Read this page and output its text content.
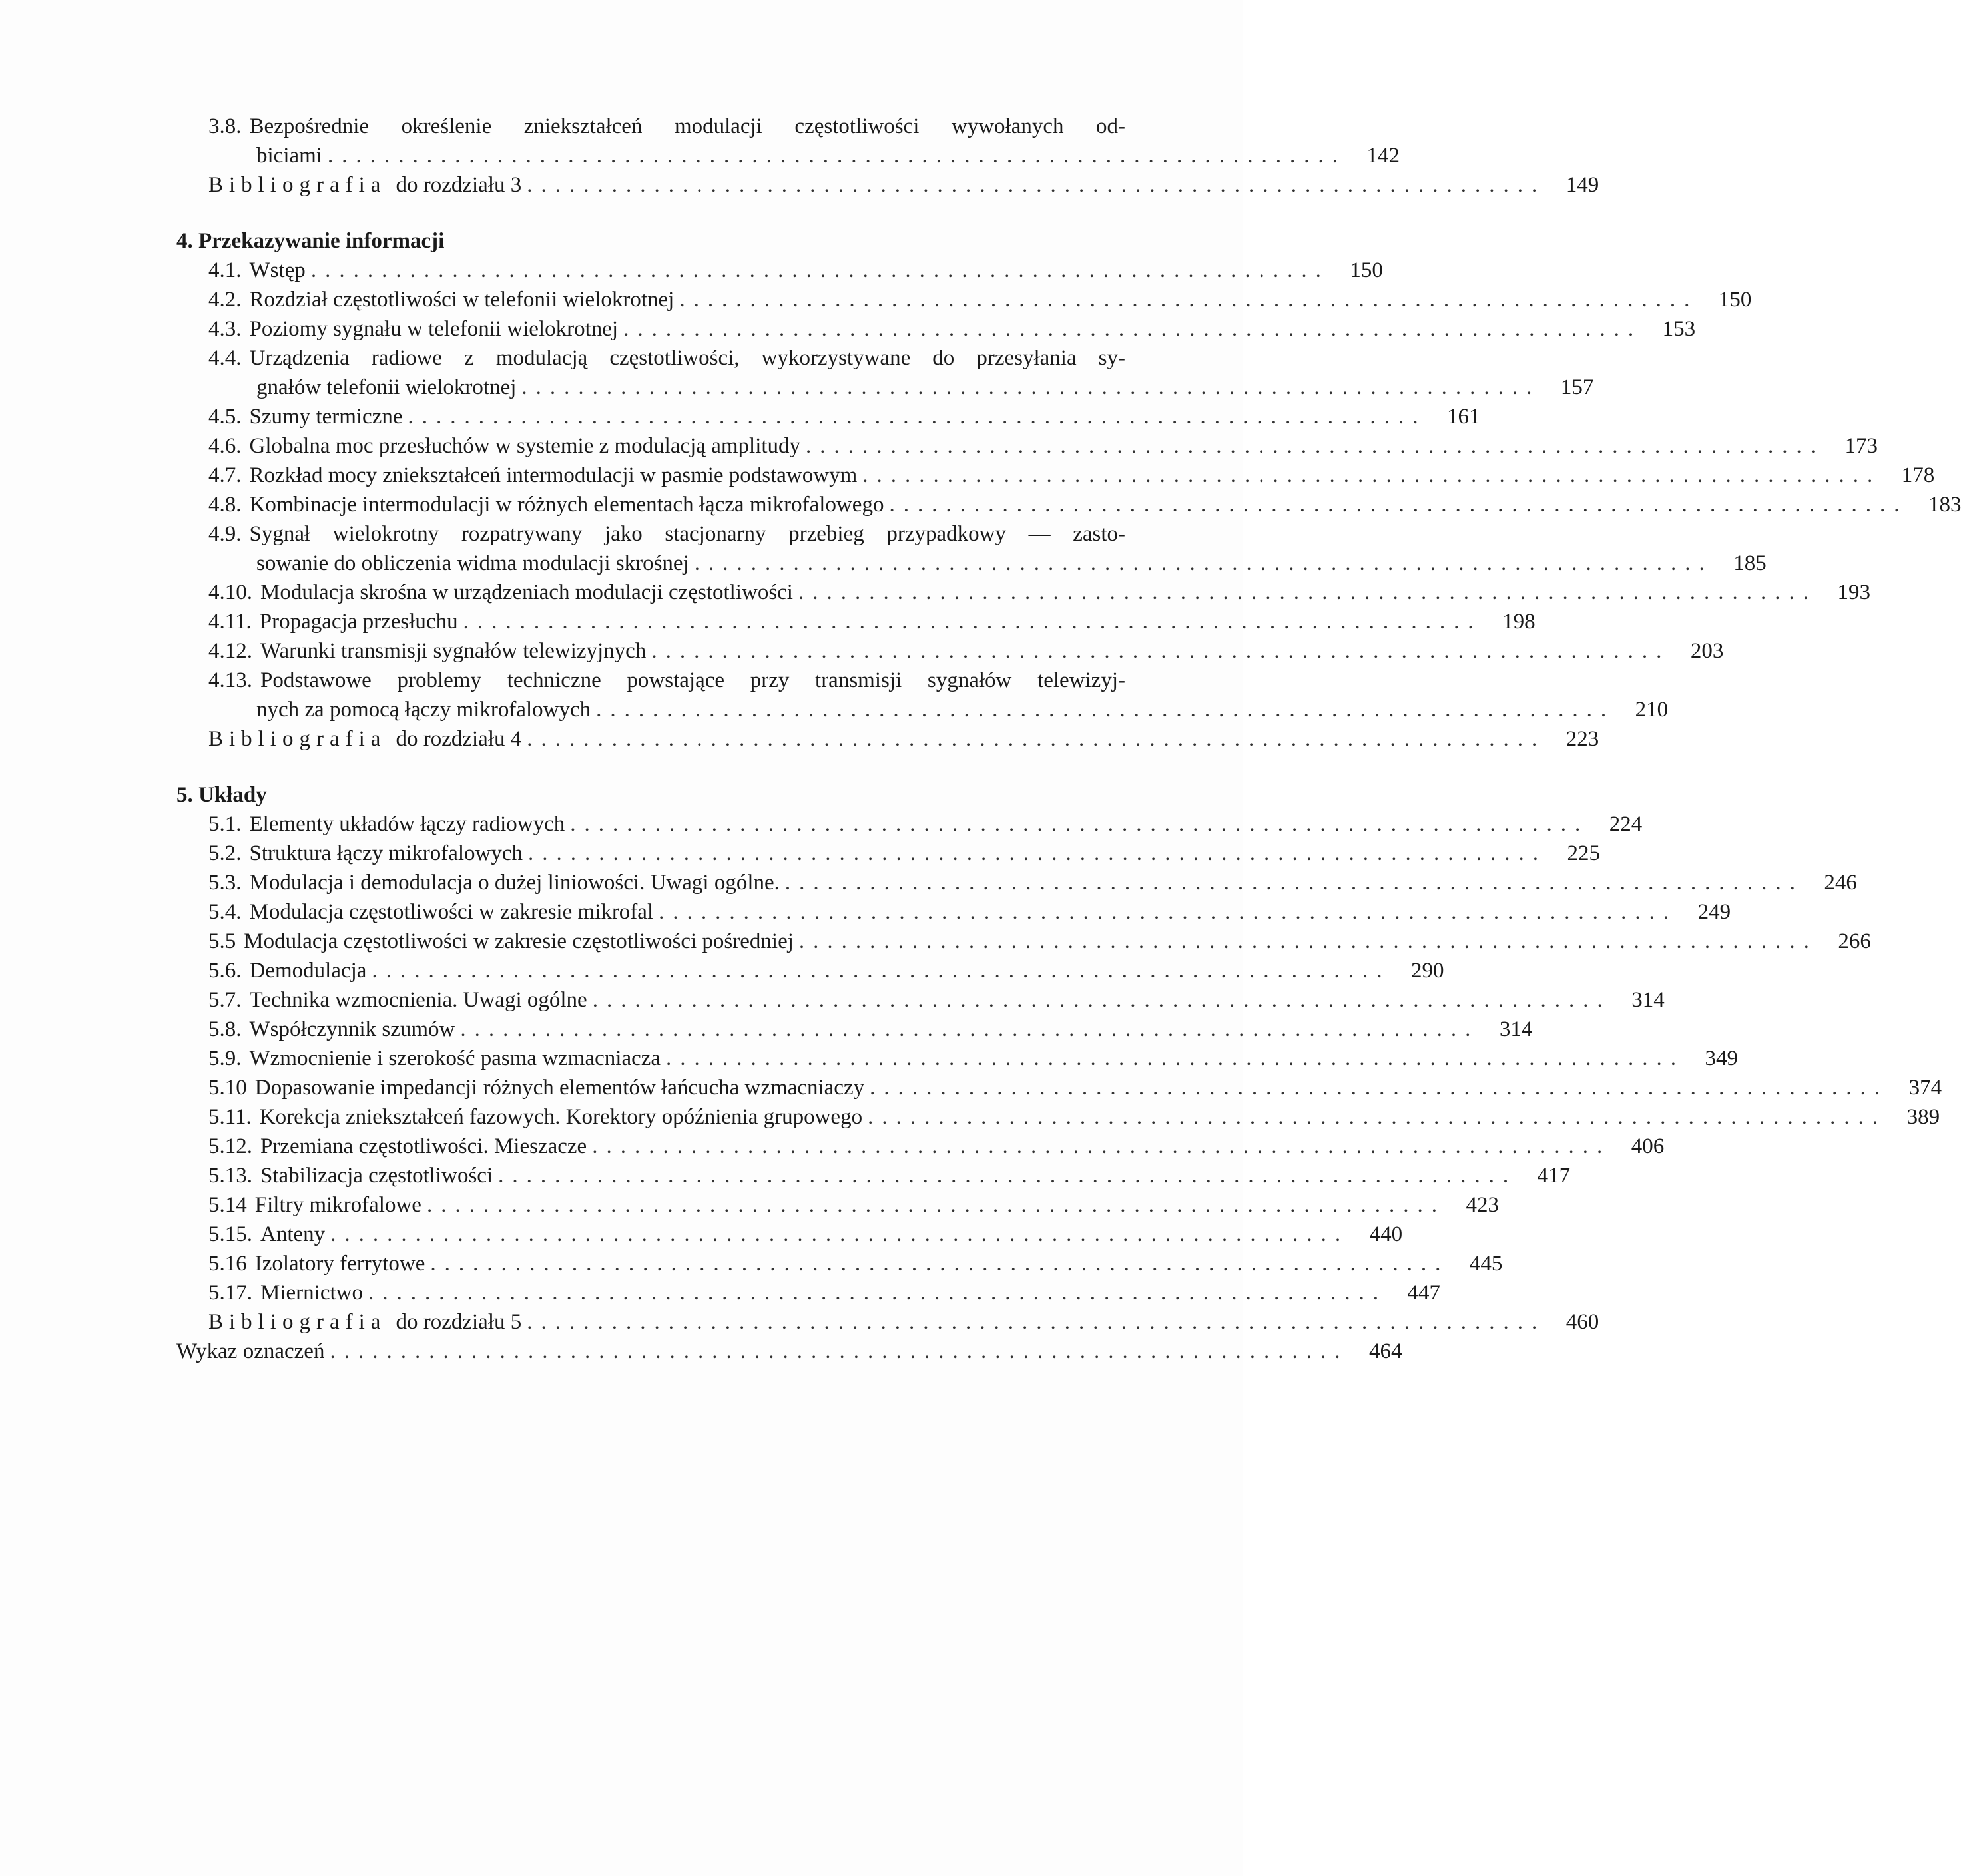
3.8. Bezpośrednie określenie zniekształceń modulacji częstotliwości wywołanych od-
biciami ........................................................................ 142
Bibliografia do rozdziału 3 ........................................................................ 149
4. Przekazywanie informacji
4.1. Wstęp ........................................................................ 150
4.2. Rozdział częstotliwości w telefonii wielokrotnej ........................................................................ 150
4.3. Poziomy sygnału w telefonii wielokrotnej ........................................................................ 153
4.4. Urządzenia radiowe z modulacją częstotliwości, wykorzystywane do przesyłania sy-
gnałów telefonii wielokrotnej ........................................................................ 157
4.5. Szumy termiczne ........................................................................ 161
4.6. Globalna moc przesłuchów w systemie z modulacją amplitudy ........................................................................ 173
4.7. Rozkład mocy zniekształceń intermodulacji w pasmie podstawowym ........................................................................ 178
4.8. Kombinacje intermodulacji w różnych elementach łącza mikrofalowego ........................................................................ 183
4.9. Sygnał wielokrotny rozpatrywany jako stacjonarny przebieg przypadkowy — zasto-
sowanie do obliczenia widma modulacji skrośnej ........................................................................ 185
4.10. Modulacja skrośna w urządzeniach modulacji częstotliwości ........................................................................ 193
4.11. Propagacja przesłuchu ........................................................................ 198
4.12. Warunki transmisji sygnałów telewizyjnych ........................................................................ 203
4.13. Podstawowe problemy techniczne powstające przy transmisji sygnałów telewizyj-
nych za pomocą łączy mikrofalowych ........................................................................ 210
Bibliografia do rozdziału 4 ........................................................................ 223
5. Układy
5.1. Elementy układów łączy radiowych ........................................................................ 224
5.2. Struktura łączy mikrofalowych ........................................................................ 225
5.3. Modulacja i demodulacja o dużej liniowości. Uwagi ogólne. ........................................................................ 246
5.4. Modulacja częstotliwości w zakresie mikrofal ........................................................................ 249
5.5 Modulacja częstotliwości w zakresie częstotliwości pośredniej ........................................................................ 266
5.6. Demodulacja ........................................................................ 290
5.7. Technika wzmocnienia. Uwagi ogólne ........................................................................ 314
5.8. Współczynnik szumów ........................................................................ 314
5.9. Wzmocnienie i szerokość pasma wzmacniacza ........................................................................ 349
5.10 Dopasowanie impedancji różnych elementów łańcucha wzmacniaczy ........................................................................ 374
5.11. Korekcja zniekształceń fazowych. Korektory opóźnienia grupowego ........................................................................ 389
5.12. Przemiana częstotliwości. Mieszacze ........................................................................ 406
5.13. Stabilizacja częstotliwości ........................................................................ 417
5.14 Filtry mikrofalowe ........................................................................ 423
5.15. Anteny ........................................................................ 440
5.16 Izolatory ferrytowe ........................................................................ 445
5.17. Miernictwo ........................................................................ 447
Bibliografia do rozdziału 5 ........................................................................ 460
Wykaz oznaczeń ........................................................................ 464
